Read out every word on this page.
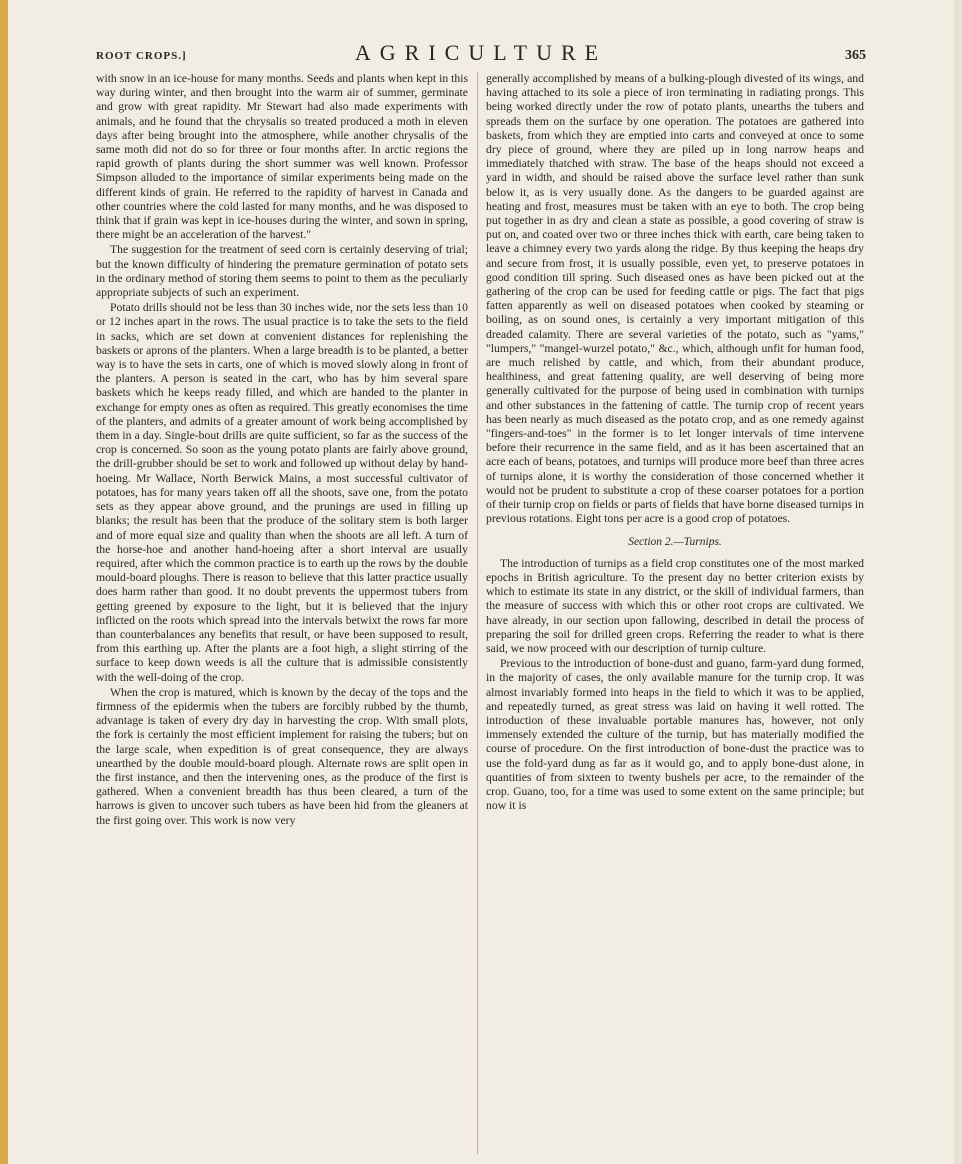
ROOT CROPS.]	AGRICULTURE	365

with snow in an ice-house for many months. Seeds and plants when kept in this way during winter, and then brought into the warm air of summer, germinate and grow with great rapidity. Mr Stewart had also made experiments with animals, and he found that the chrysalis so treated produced a moth in eleven days after being brought into the atmosphere, while another chrysalis of the same moth did not do so for three or four months after. In arctic regions the rapid growth of plants during the short summer was well known. Professor Simpson alluded to the importance of similar experiments being made on the different kinds of grain. He referred to the rapidity of harvest in Canada and other countries where the cold lasted for many months, and he was disposed to think that if grain was kept in ice-houses during the winter, and sown in spring, there might be an acceleration of the harvest."

The suggestion for the treatment of seed corn is certainly deserving of trial; but the known difficulty of hindering the premature germination of potato sets in the ordinary method of storing them seems to point to them as the peculiarly appropriate subjects of such an experiment.

Potato drills should not be less than 30 inches wide, nor the sets less than 10 or 12 inches apart in the rows. The usual practice is to take the sets to the field in sacks, which are set down at convenient distances for replenishing the baskets or aprons of the planters. When a large breadth is to be planted, a better way is to have the sets in carts, one of which is moved slowly along in front of the planters. A person is seated in the cart, who has by him several spare baskets which he keeps ready filled, and which are handed to the planter in exchange for empty ones as often as required. This greatly economises the time of the planters, and admits of a greater amount of work being accomplished by them in a day. Single-bout drills are quite sufficient, so far as the success of the crop is concerned. So soon as the young potato plants are fairly above ground, the drill-grubber should be set to work and followed up without delay by hand-hoeing. Mr Wallace, North Berwick Mains, a most successful cultivator of potatoes, has for many years taken off all the shoots, save one, from the potato sets as they appear above ground, and the prunings are used in filling up blanks; the result has been that the produce of the solitary stem is both larger and of more equal size and quality than when the shoots are all left. A turn of the horse-hoe and another hand-hoeing after a short interval are usually required, after which the common practice is to earth up the rows by the double mould-board ploughs. There is reason to believe that this latter practice usually does harm rather than good. It no doubt prevents the uppermost tubers from getting greened by exposure to the light, but it is believed that the injury inflicted on the roots which spread into the intervals betwixt the rows far more than counterbalances any benefits that result, or have been supposed to result, from this earthing up. After the plants are a foot high, a slight stirring of the surface to keep down weeds is all the culture that is admissible consistently with the well-doing of the crop.

When the crop is matured, which is known by the decay of the tops and the firmness of the epidermis when the tubers are forcibly rubbed by the thumb, advantage is taken of every dry day in harvesting the crop. With small plots, the fork is certainly the most efficient implement for raising the tubers; but on the large scale, when expedition is of great consequence, they are always unearthed by the double mould-board plough. Alternate rows are split open in the first instance, and then the intervening ones, as the produce of the first is gathered. When a convenient breadth has thus been cleared, a turn of the harrows is given to uncover such tubers as have been hid from the gleaners at the first going over. This work is now very

generally accomplished by means of a bulking-plough divested of its wings, and having attached to its sole a piece of iron terminating in radiating prongs. This being worked directly under the row of potato plants, unearths the tubers and spreads them on the surface by one operation. The potatoes are gathered into baskets, from which they are emptied into carts and conveyed at once to some dry piece of ground, where they are piled up in long narrow heaps and immediately thatched with straw. The base of the heaps should not exceed a yard in width, and should be raised above the surface level rather than sunk below it, as is very usually done. As the dangers to be guarded against are heating and frost, measures must be taken with an eye to both. The crop being put together in as dry and clean a state as possible, a good covering of straw is put on, and coated over two or three inches thick with earth, care being taken to leave a chimney every two yards along the ridge. By thus keeping the heaps dry and secure from frost, it is usually possible, even yet, to preserve potatoes in good condition till spring. Such diseased ones as have been picked out at the gathering of the crop can be used for feeding cattle or pigs. The fact that pigs fatten apparently as well on diseased potatoes when cooked by steaming or boiling, as on sound ones, is certainly a very important mitigation of this dreaded calamity. There are several varieties of the potato, such as "yams," "lumpers," "mangel-wurzel potato," &c., which, although unfit for human food, are much relished by cattle, and which, from their abundant produce, healthiness, and great fattening quality, are well deserving of being more generally cultivated for the purpose of being used in combination with turnips and other substances in the fattening of cattle. The turnip crop of recent years has been nearly as much diseased as the potato crop, and as one remedy against "fingers-and-toes" in the former is to let longer intervals of time intervene before their recurrence in the same field, and as it has been ascertained that an acre each of beans, potatoes, and turnips will produce more beef than three acres of turnips alone, it is worthy the consideration of those concerned whether it would not be prudent to substitute a crop of these coarser potatoes for a portion of their turnip crop on fields or parts of fields that have borne diseased turnips in previous rotations. Eight tons per acre is a good crop of potatoes.

Section 2.—Turnips.

The introduction of turnips as a field crop constitutes one of the most marked epochs in British agriculture. To the present day no better criterion exists by which to estimate its state in any district, or the skill of individual farmers, than the measure of success with which this or other root crops are cultivated. We have already, in our section upon fallowing, described in detail the process of preparing the soil for drilled green crops. Referring the reader to what is there said, we now proceed with our description of turnip culture.

Previous to the introduction of bone-dust and guano, farm-yard dung formed, in the majority of cases, the only available manure for the turnip crop. It was almost invariably formed into heaps in the field to which it was to be applied, and repeatedly turned, as great stress was laid on having it well rotted. The introduction of these invaluable portable manures has, however, not only immensely extended the culture of the turnip, but has materially modified the course of procedure. On the first introduction of bone-dust the practice was to use the fold-yard dung as far as it would go, and to apply bone-dust alone, in quantities of from sixteen to twenty bushels per acre, to the remainder of the crop. Guano, too, for a time was used to some extent on the same principle; but now it is
